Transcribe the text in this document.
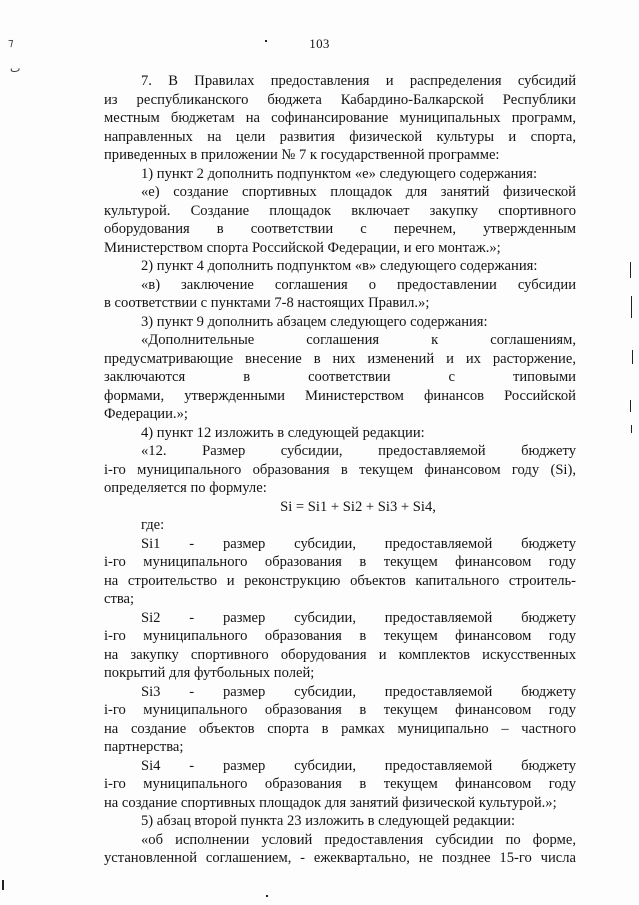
103

7. В Правилах предоставления и распределения субсидий

из республиканского бюджета Кабардино-Балкарской Республики

местным бюджетам на софинансирование муниципальных программ,

направленных на цели развития физической культуры и спорта,

приведенных в приложении № 7 к государственной программе:

1) пункт 2 дополнить подпунктом «е» следующего содержания:

«е) создание спортивных площадок для занятий физической

культурой. Создание площадок включает закупку спортивного

оборудования в соответствии с перечнем, утвержденным

Министерством спорта Российской Федерации, и его монтаж.»;

2) пункт 4 дополнить подпунктом «в» следующего содержания:

«в) заключение соглашения о предоставлении субсидии

в соответствии с пунктами 7-8 настоящих Правил.»;

3) пункт 9 дополнить абзацем следующего содержания:

«Дополнительные соглашения к соглашениям,

предусматривающие внесение в них изменений и их расторжение,

заключаются в соответствии с типовыми

формами, утвержденными Министерством финансов Российской

Федерации.»;

4) пункт 12 изложить в следующей редакции:

«12. Размер субсидии, предоставляемой бюджету

i-го муниципального образования в текущем финансовом году (Si),

определяется по формуле:

Si = Si1 + Si2 + Si3 + Si4,

где:

Si1 - размер субсидии, предоставляемой бюджету

i-го муниципального образования в текущем финансовом году

на строительство и реконструкцию объектов капитального строитель-

ства;

Si2 - размер субсидии, предоставляемой бюджету

i-го муниципального образования в текущем финансовом году

на закупку спортивного оборудования и комплектов искусственных

покрытий для футбольных полей;

Si3 - размер субсидии, предоставляемой бюджету

i-го муниципального образования в текущем финансовом году

на создание объектов спорта в рамках муниципально – частного

партнерства;

Si4 - размер субсидии, предоставляемой бюджету

i-го муниципального образования в текущем финансовом году

на создание спортивных площадок для занятий физической культурой.»;

5) абзац второй пункта 23 изложить в следующей редакции:

«об исполнении условий предоставления субсидии по форме,

установленной соглашением, - ежеквартально, не позднее 15-го числа

⁊
ٮ
